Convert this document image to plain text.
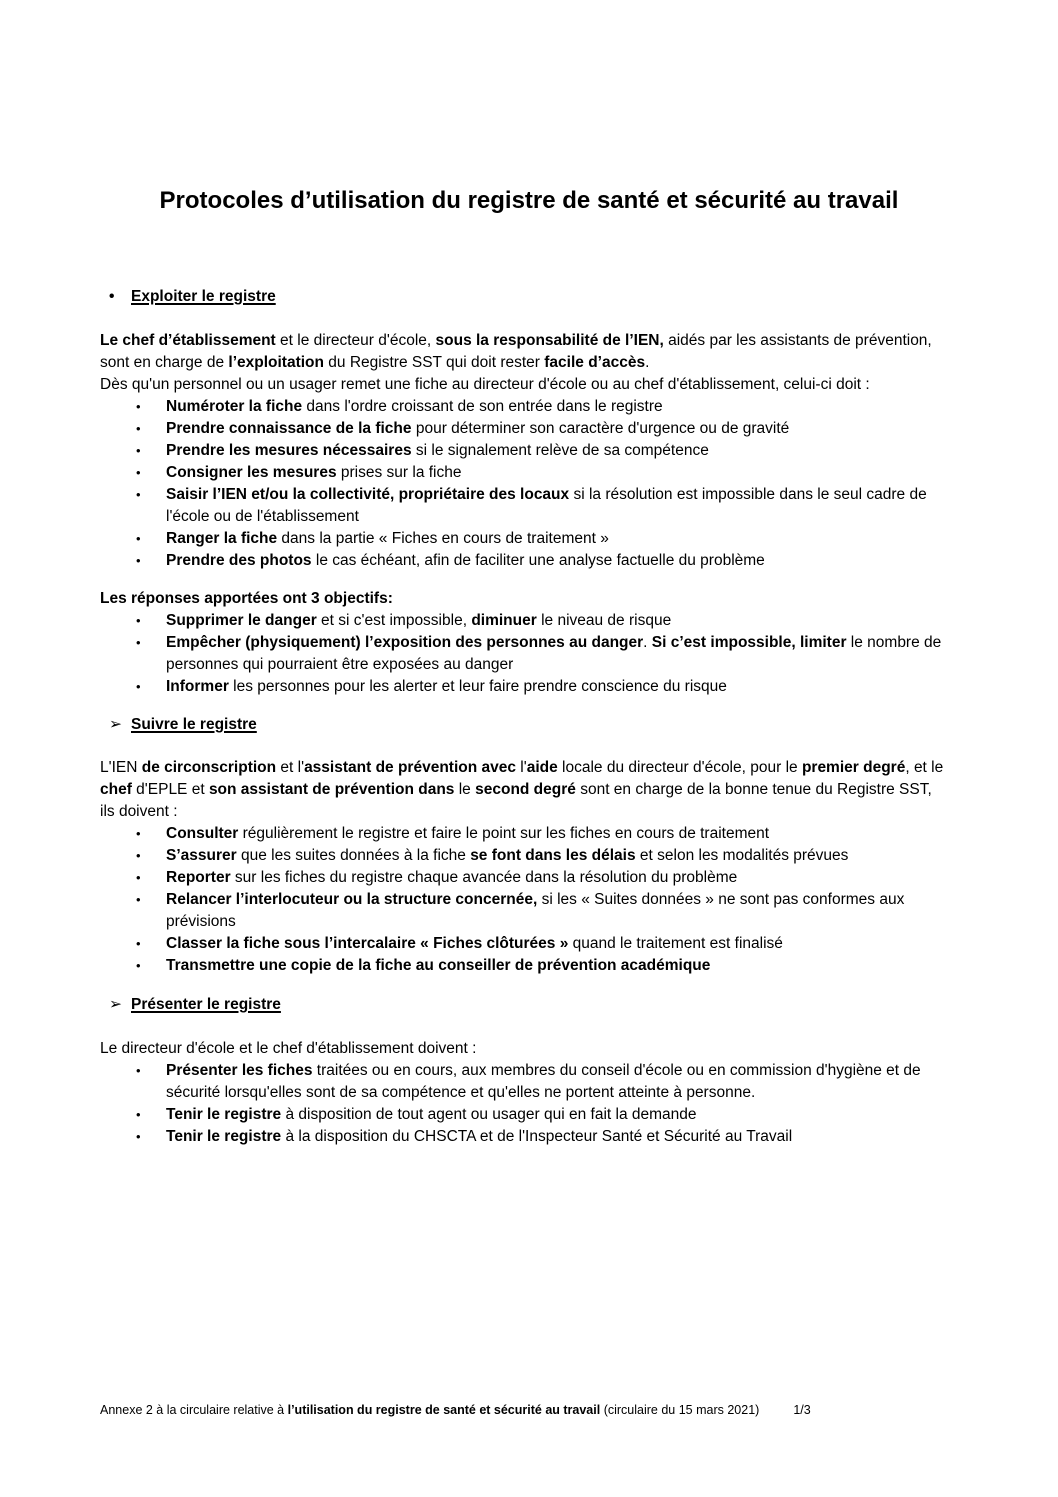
Protocoles d’utilisation du registre de santé et sécurité au travail
•	Exploiter le registre

Le chef d’établissement et le directeur d'école, sous la responsabilité de l’IEN, aidés par les assistants de prévention, sont en charge de l’exploitation du Registre SST qui doit rester facile d’accès.
Dès qu'un personnel ou un usager remet une fiche au directeur d'école ou au chef d'établissement, celui-ci doit :

•	Numéroter la fiche dans l'ordre croissant de son entrée dans le registre
•	Prendre connaissance de la fiche pour déterminer son caractère d'urgence ou de gravité
•	Prendre les mesures nécessaires si le signalement relève de sa compétence
•	Consigner les mesures prises sur la fiche
•	Saisir l’IEN et/ou la collectivité, propriétaire des locaux si la résolution est impossible dans le seul cadre de l'école ou de l'établissement
•	Ranger la fiche dans la partie « Fiches en cours de traitement »
•	Prendre des photos le cas échéant, afin de faciliter une analyse factuelle du problème

Les réponses apportées ont 3 objectifs:

•	Supprimer le danger et si c'est impossible, diminuer le niveau de risque
•	Empêcher (physiquement) l’exposition des personnes au danger. Si c’est impossible, limiter le nombre de personnes qui pourraient être exposées au danger
•	Informer les personnes pour les alerter et leur faire prendre conscience du risque
➢ Suivre le registre

L'IEN de circonscription et l'assistant de prévention avec l'aide locale du directeur d'école, pour le premier degré, et le chef d'EPLE et son assistant de prévention dans le second degré sont en charge de la bonne tenue du Registre SST, ils doivent :

•	Consulter régulièrement le registre et faire le point sur les fiches en cours de traitement
•	S’assurer que les suites données à la fiche se font dans les délais et selon les modalités prévues
•	Reporter sur les fiches du registre chaque avancée dans la résolution du problème
•	Relancer l’interlocuteur ou la structure concernée, si les « Suites données » ne sont pas conformes aux prévisions
•	Classer la fiche sous l’intercalaire « Fiches clôturées » quand le traitement est finalisé
•	Transmettre une copie de la fiche au conseiller de prévention académique
➢ Présenter le registre

Le directeur d'école et le chef d'établissement doivent :

•	Présenter les fiches traitées ou en cours, aux membres du conseil d'école ou en commission d'hygiène et de sécurité lorsqu'elles sont de sa compétence et qu'elles ne portent atteinte à personne.
•	Tenir le registre à disposition de tout agent ou usager qui en fait la demande
•	Tenir le registre à la disposition du CHSCTA et de l'Inspecteur Santé et Sécurité au Travail
Annexe 2 à la circulaire relative à l’utilisation du registre de santé et sécurité au travail (circulaire du 15 mars 2021)	1/3
